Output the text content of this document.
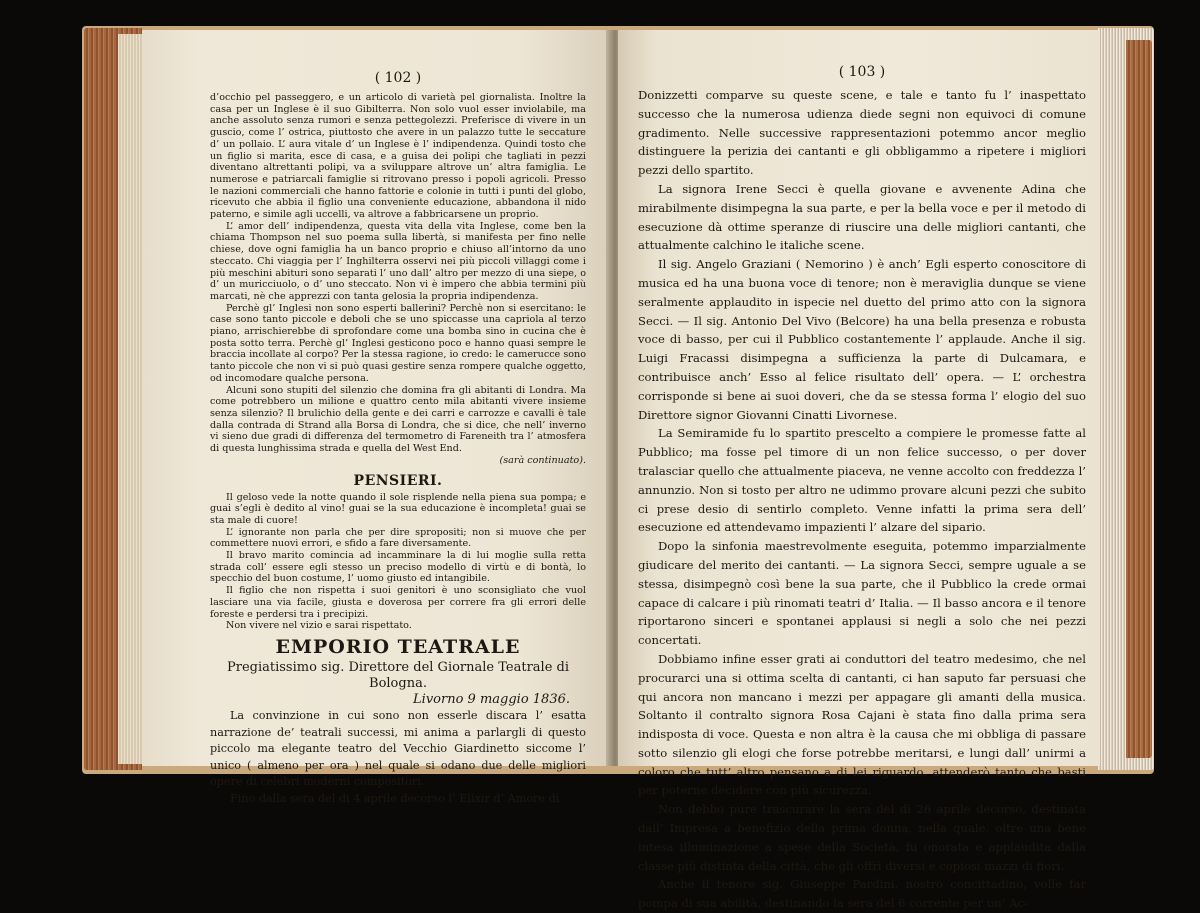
( 102 )

d’occhio pel passeggero, e un articolo di varietà pel giornalista. Inoltre la casa per un Inglese è il suo Gibilterra. Non solo vuol esser inviolabile, ma anche assoluto senza rumori e senza pettegolezzi. Preferisce di vivere in un guscio, come l’ ostrica, piuttosto che avere in un palazzo tutte le seccature d’ un pollaio. L’ aura vitale d’ un Inglese è l’ indipendenza. Quindi tosto che un figlio si marita, esce di casa, e a guisa dei polipi che tagliati in pezzi diventano altrettanti polipi, va a sviluppare altrove un’ altra famiglia. Le numerose e patriarcali famiglie si ritrovano presso i popoli agricoli. Presso le nazioni commerciali che hanno fattorie e colonie in tutti i punti del globo, ricevuto che abbia il figlio una conveniente educazione, abbandona il nido paterno, e simile agli uccelli, va altrove a fabbricarsene un proprio.

L’ amor dell’ indipendenza, questa vita della vita Inglese, come ben la chiama Thompson nel suo poema sulla libertà, si manifesta per fino nelle chiese, dove ogni famiglia ha un banco proprio e chiuso all’intorno da uno steccato. Chi viaggia per l’ Inghilterra osservi nei più piccoli villaggi come i più meschini abituri sono separati l’ uno dall’ altro per mezzo di una siepe, o d’ un muricciuolo, o d’ uno steccato. Non vi è impero che abbia termini più marcati, nè che apprezzi con tanta gelosia la propria indipendenza.

Perchè gl’ Inglesi non sono esperti ballerini? Perchè non si esercitano: le case sono tanto piccole e deboli che se uno spiccasse una capriola al terzo piano, arrischierebbe di sprofondare come una bomba sino in cucina che è posta sotto terra. Perchè gl’ Inglesi gesticono poco e hanno quasi sempre le braccia incollate al corpo? Per la stessa ragione, io credo: le camerucce sono tanto piccole che non vi si può quasi gestire senza rompere qualche oggetto, od incomodare qualche persona.

Alcuni sono stupiti del silenzio che domina fra gli abitanti di Londra. Ma come potrebbero un milione e quattro cento mila abitanti vivere insieme senza silenzio? Il brulichio della gente e dei carri e carrozze e cavalli è tale dalla contrada di Strand alla Borsa di Londra, che si dice, che nell’ inverno vi sieno due gradi di differenza del termometro di Fareneith tra l’ atmosfera di questa lunghissima strada e quella del West End.

(sarà continuato).
PENSIERI.

Il geloso vede la notte quando il sole risplende nella piena sua pompa; e guai s’egli è dedito al vino! guai se la sua educazione è incompleta! guai se sta male di cuore!

L’ ignorante non parla che per dire spropositi; non si muove che per commettere nuovi errori, e sfido a fare diversamente.

Il bravo marito comincia ad incamminare la di lui moglie sulla retta strada coll’ essere egli stesso un preciso modello di virtù e di bontà, lo specchio del buon costume, l’ uomo giusto ed intangibile.

Il figlio che non rispetta i suoi genitori è uno sconsigliato che vuol lasciare una via facile, giusta e doverosa per correre fra gli errori delle foreste e perdersi tra i precipizi.

Non vivere nel vizio e sarai rispettato.

EMPORIO TEATRALE
Pregiatissimo sig. Direttore del Giornale Teatrale di Bologna.
Livorno 9 maggio 1836.

La convinzione in cui sono non esserle discara l’ esatta narrazione de’ teatrali successi, mi anima a parlargli di questo piccolo ma elegante teatro del Vecchio Giardinetto siccome l’ unico ( almeno per ora ) nel quale si odano due delle migliori opere di celebri moderni compositori.

Fino dalla sera del di 4 aprile decorso l’ Elixir d’ Amore di

( 103 )

Donizzetti comparve su queste scene, e tale e tanto fu l’ inaspettato successo che la numerosa udienza diede segni non equivoci di comune gradimento. Nelle successive rappresentazioni potemmo ancor meglio distinguere la perizia dei cantanti e gli obbligammo a ripetere i migliori pezzi dello spartito.

La signora Irene Secci è quella giovane e avvenente Adina che mirabilmente disimpegna la sua parte, e per la bella voce e per il metodo di esecuzione dà ottime speranze di riuscire una delle migliori cantanti, che attualmente calchino le italiche scene.

Il sig. Angelo Graziani ( Nemorino ) è anch’ Egli esperto conoscitore di musica ed ha una buona voce di tenore; non è meraviglia dunque se viene seralmente applaudito in ispecie nel duetto del primo atto con la signora Secci. — Il sig. Antonio Del Vivo (Belcore) ha una bella presenza e robusta voce di basso, per cui il Pubblico costantemente l’ applaude. Anche il sig. Luigi Fracassi disimpegna a sufficienza la parte di Dulcamara, e contribuisce anch’ Esso al felice risultato dell’ opera. — L’ orchestra corrisponde si bene ai suoi doveri, che da se stessa forma l’ elogio del suo Direttore signor Giovanni Cinatti Livornese.

La Semiramide fu lo spartito prescelto a compiere le promesse fatte al Pubblico; ma fosse pel timore di un non felice successo, o per dover tralasciar quello che attualmente piaceva, ne venne accolto con freddezza l’ annunzio. Non si tosto per altro ne udimmo provare alcuni pezzi che subito ci prese desio di sentirlo completo. Venne infatti la prima sera dell’ esecuzione ed attendevamo impazienti l’ alzare del sipario.

Dopo la sinfonia maestrevolmente eseguita, potemmo imparzialmente giudicare del merito dei cantanti. — La signora Secci, sempre uguale a se stessa, disimpegnò così bene la sua parte, che il Pubblico la crede ormai capace di calcare i più rinomati teatri d’ Italia. — Il basso ancora e il tenore riportarono sinceri e spontanei applausi si negli a solo che nei pezzi concertati.

Dobbiamo infine esser grati ai conduttori del teatro medesimo, che nel procurarci una si ottima scelta di cantanti, ci han saputo far persuasi che qui ancora non mancano i mezzi per appagare gli amanti della musica. Soltanto il contralto signora Rosa Cajani è stata fino dalla prima sera indisposta di voce. Questa e non altra è la causa che mi obbliga di passare sotto silenzio gli elogi che forse potrebbe meritarsi, e lungi dall’ unirmi a coloro che tutt’ altro pensano a di lei riguardo, attenderò tanto che basti per poterne decidere con più sicurezza.

Non debbo pure trascurare la sera del dì 26 aprile decorso, destinata dall’ Impresa a benefizio della prima donna, nella quale, oltre una bene intesa illuminazione a spese della Società, fu onorata e applaudita dalla classe più distinta della città, che gli offrì diversi e copiosi mazzi di fiori.

Anche il tenore sig. Giuseppe Pardini, nostro concittadino, volle far pompa di sua abilità, destinando la sera del 6 corrente per un’ Ac-
